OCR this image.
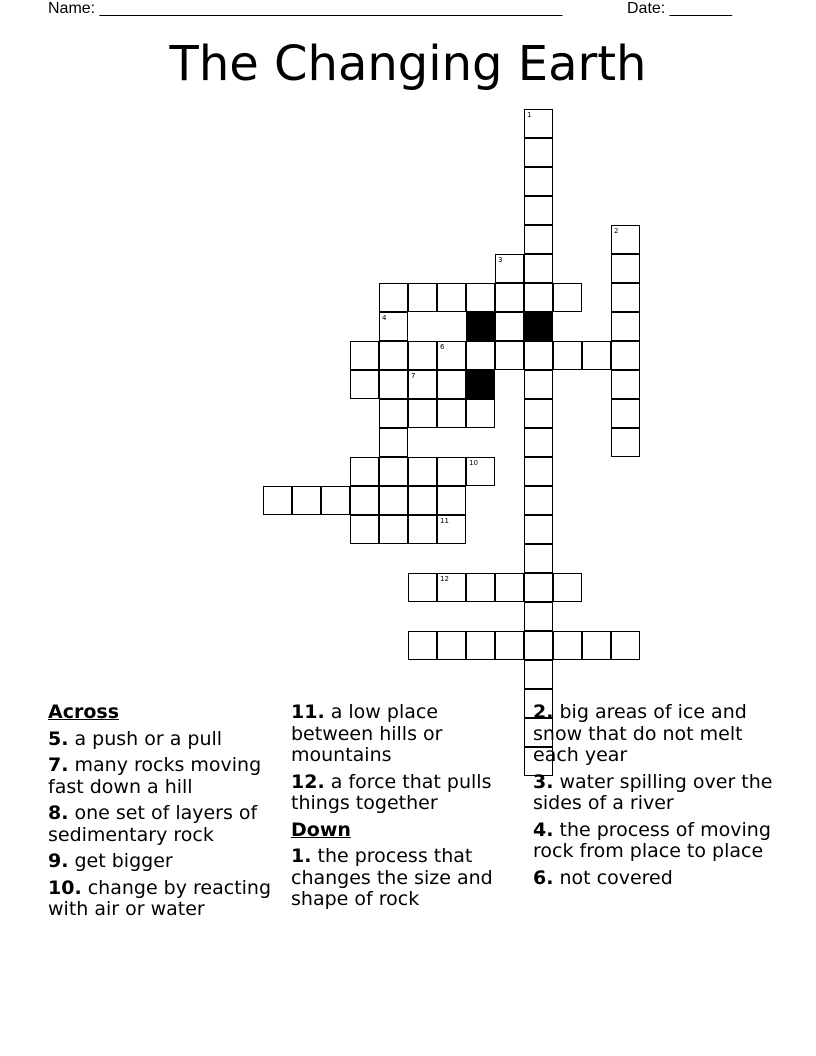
Name: ____________________________________________________	Date: _______
The Changing Earth
1
2
3
4
6
7
10
11
12
Across
5. a push or a pull
7. many rocks moving fast down a hill
8. one set of layers of sedimentary rock
9. get bigger
10. change by reacting with air or water
11. a low place between hills or mountains
12. a force that pulls things together
Down
1. the process that changes the size and shape of rock
2. big areas of ice and snow that do not melt each year
3. water spilling over the sides of a river
4. the process of moving rock from place to place
6. not covered
